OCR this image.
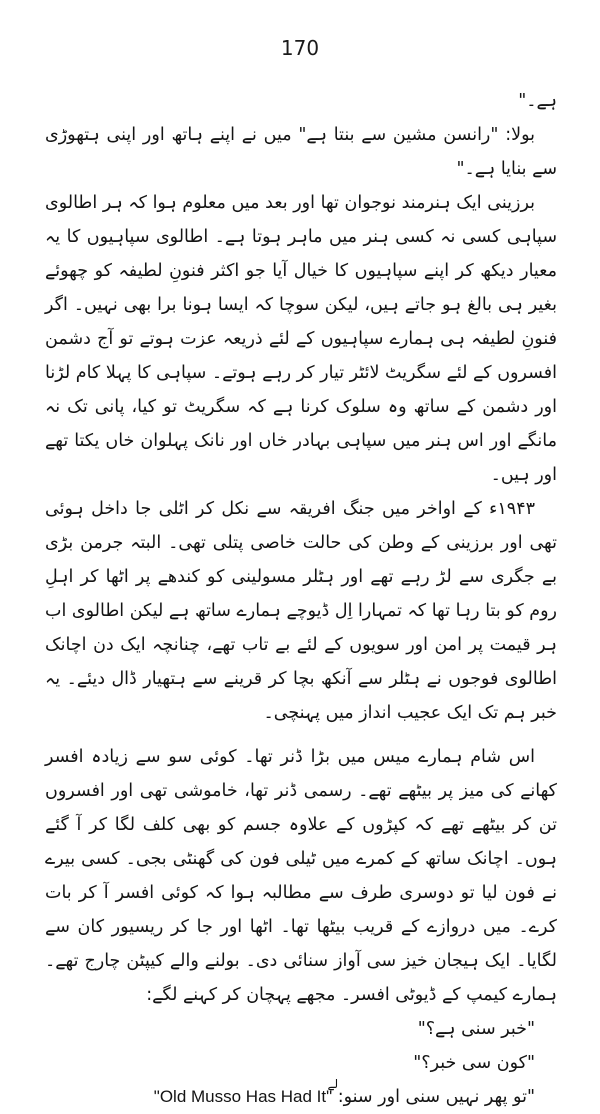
170

ہے۔"

بولا: "رانسن مشین سے بنتا ہے" میں نے اپنے ہاتھ اور اپنی ہتھوڑی سے بنایا ہے۔"

برزینی ایک ہنرمند نوجوان تھا اور بعد میں معلوم ہوا کہ ہر اطالوی سپاہی کسی نہ کسی ہنر میں ماہر ہوتا ہے۔ اطالوی سپاہیوں کا یہ معیار دیکھ کر اپنے سپاہیوں کا خیال آیا جو اکثر فنونِ لطیفہ کو چھوئے بغیر ہی بالغ ہو جاتے ہیں، لیکن سوچا کہ ایسا ہونا برا بھی نہیں۔ اگر فنونِ لطیفہ ہی ہمارے سپاہیوں کے لئے ذریعہ عزت ہوتے تو آج دشمن افسروں کے لئے سگریٹ لائٹر تیار کر رہے ہوتے۔ سپاہی کا پہلا کام لڑنا اور دشمن کے ساتھ وہ سلوک کرنا ہے کہ سگریٹ تو کیا، پانی تک نہ مانگے اور اس ہنر میں سپاہی بہادر خاں اور نانک پہلوان خاں یکتا تھے اور ہیں۔

۱۹۴۳ء کے اواخر میں جنگ افریقہ سے نکل کر اٹلی جا داخل ہوئی تھی اور برزینی کے وطن کی حالت خاصی پتلی تھی۔ البتہ جرمن بڑی بے جگری سے لڑ رہے تھے اور ہٹلر مسولینی کو کندھے پر اٹھا کر اہلِ روم کو بتا رہا تھا کہ تمہارا اِل ڈیوچے ہمارے ساتھ ہے لیکن اطالوی اب ہر قیمت پر امن اور سویوں کے لئے بے تاب تھے، چنانچہ ایک دن اچانک اطالوی فوجوں نے ہٹلر سے آنکھ بچا کر قرینے سے ہتھیار ڈال دیئے۔ یہ خبر ہم تک ایک عجیب انداز میں پہنچی۔

اس شام ہمارے میس میں بڑا ڈنر تھا۔ کوئی سو سے زیادہ افسر کھانے کی میز پر بیٹھے تھے۔ رسمی ڈنر تھا، خاموشی تھی اور افسروں تن کر بیٹھے تھے کہ کپڑوں کے علاوہ جسم کو بھی کلف لگا کر آ گئے ہوں۔ اچانک ساتھ کے کمرے میں ٹیلی فون کی گھنٹی بجی۔ کسی بیرے نے فون لیا تو دوسری طرف سے مطالبہ ہوا کہ کوئی افسر آ کر بات کرے۔ میں دروازے کے قریب بیٹھا تھا۔ اٹھا اور جا کر ریسیور کان سے لگایا۔ ایک ہیجان خیز سی آواز سنائی دی۔ بولنے والے کیپٹن چارج تھے۔ ہمارے کیمپ کے ڈیوٹی افسر۔ مجھے پہچان کر کہنے لگے:

"خبر سنی ہے؟"

"کون سی خبر؟"

"تو پھر نہیں سنی اور سنو: "Old Musso Has Had It"
لے
